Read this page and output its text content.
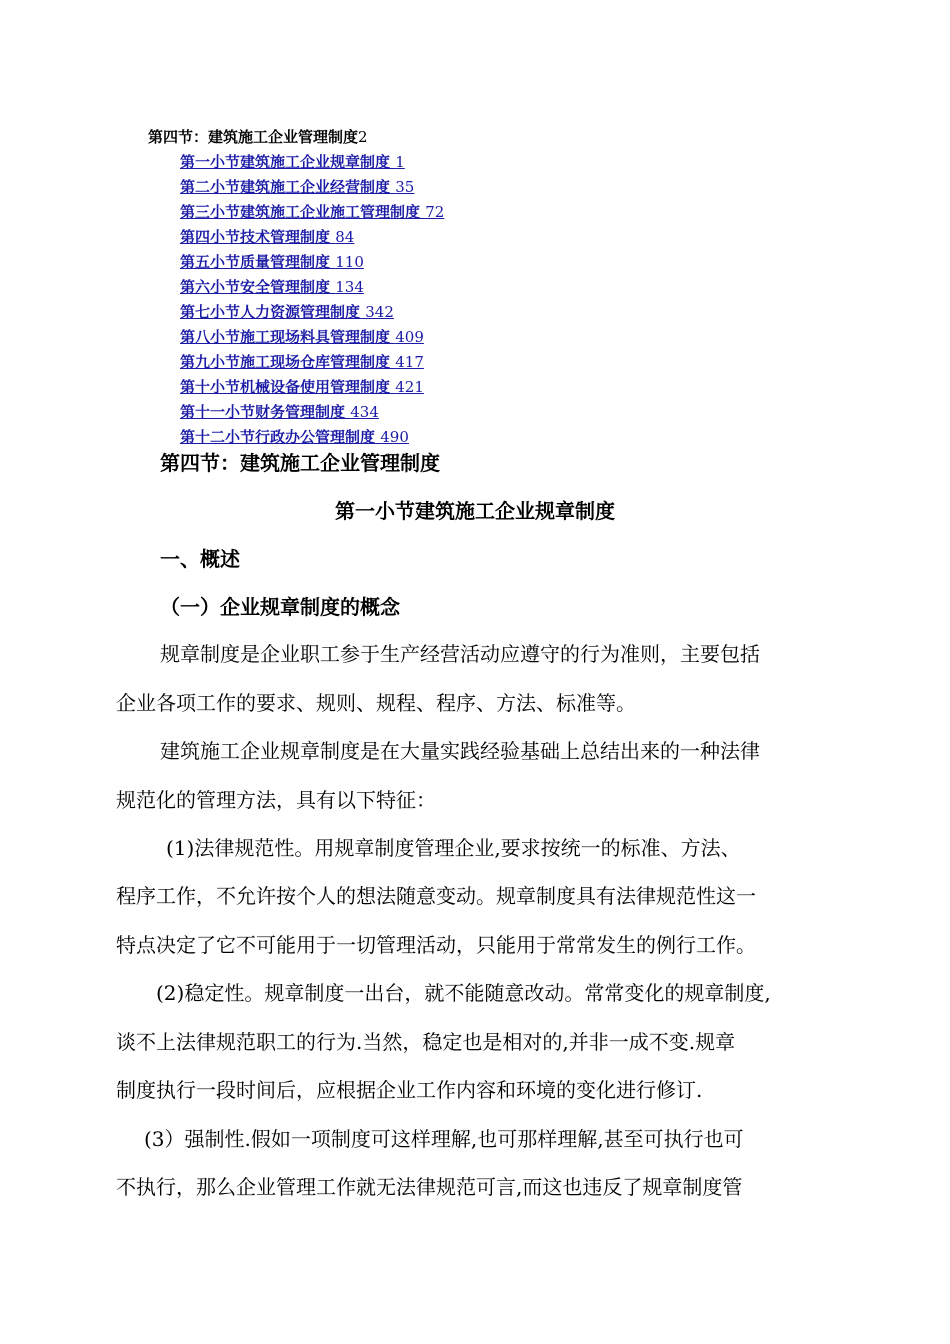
第四节：建筑施工企业管理制度2
第一小节建筑施工企业规章制度 1
第二小节建筑施工企业经营制度 35
第三小节建筑施工企业施工管理制度 72
第四小节技术管理制度 84
第五小节质量管理制度 110
第六小节安全管理制度 134
第七小节人力资源管理制度 342
第八小节施工现场料具管理制度 409
第九小节施工现场仓库管理制度 417
第十小节机械设备使用管理制度 421
第十一小节财务管理制度 434
第十二小节行政办公管理制度 490
第四节：建筑施工企业管理制度
第一小节建筑施工企业规章制度
一、概述
（一）企业规章制度的概念
规章制度是企业职工参于生产经营活动应遵守的行为准则，主要包括
企业各项工作的要求、规则、规程、程序、方法、标准等。
建筑施工企业规章制度是在大量实践经验基础上总结出来的一种法律
规范化的管理方法，具有以下特征：
(1)法律规范性。用规章制度管理企业,要求按统一的标准、方法、
程序工作，不允许按个人的想法随意变动。规章制度具有法律规范性这一
特点决定了它不可能用于一切管理活动，只能用于常常发生的例行工作。
(2)稳定性。规章制度一出台，就不能随意改动。常常变化的规章制度,
谈不上法律规范职工的行为.当然，稳定也是相对的,并非一成不变.规章
制度执行一段时间后，应根据企业工作内容和环境的变化进行修订.
(3）强制性.假如一项制度可这样理解,也可那样理解,甚至可执行也可
不执行，那么企业管理工作就无法律规范可言,而这也违反了规章制度管
